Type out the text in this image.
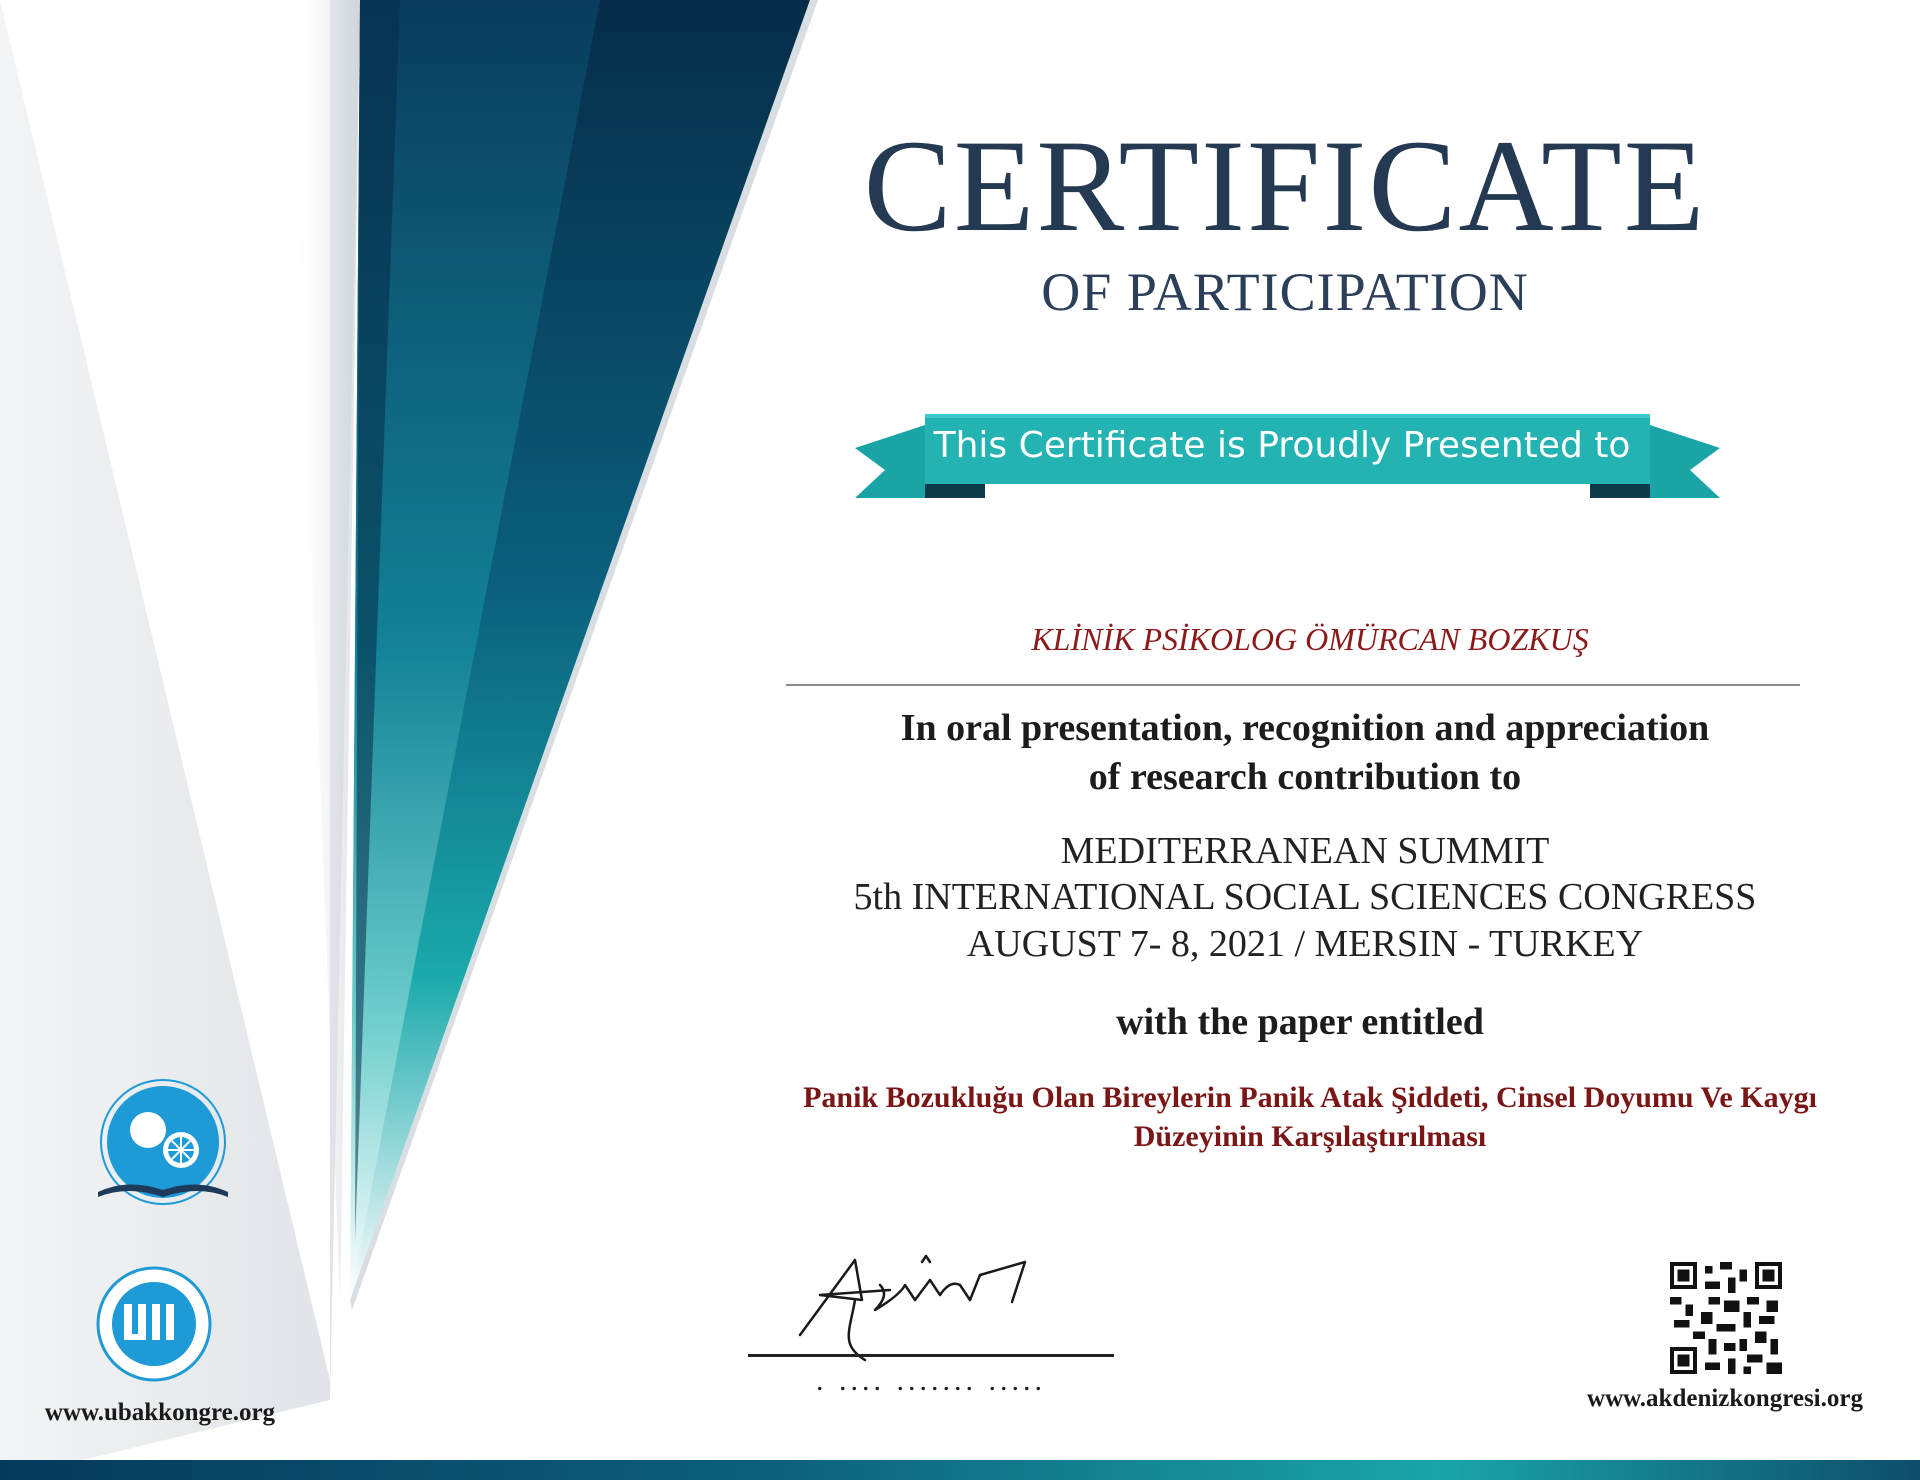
CERTIFICATE
OF PARTICIPATION
This Certificate is Proudly Presented to
KLİNİK PSİKOLOG ÖMÜRCAN BOZKUŞ
In oral presentation, recognition and appreciation
of research contribution to
MEDITERRANEAN SUMMIT
5th INTERNATIONAL SOCIAL SCIENCES CONGRESS
AUGUST 7- 8, 2021 / MERSIN - TURKEY
with the paper entitled
Panik Bozukluğu Olan Bireylerin Panik Atak Şiddeti, Cinsel Doyumu Ve Kaygı
Düzeyinin Karşılaştırılması
. .... ....... .....
www.ubakkongre.org
www.akdenizkongresi.org
